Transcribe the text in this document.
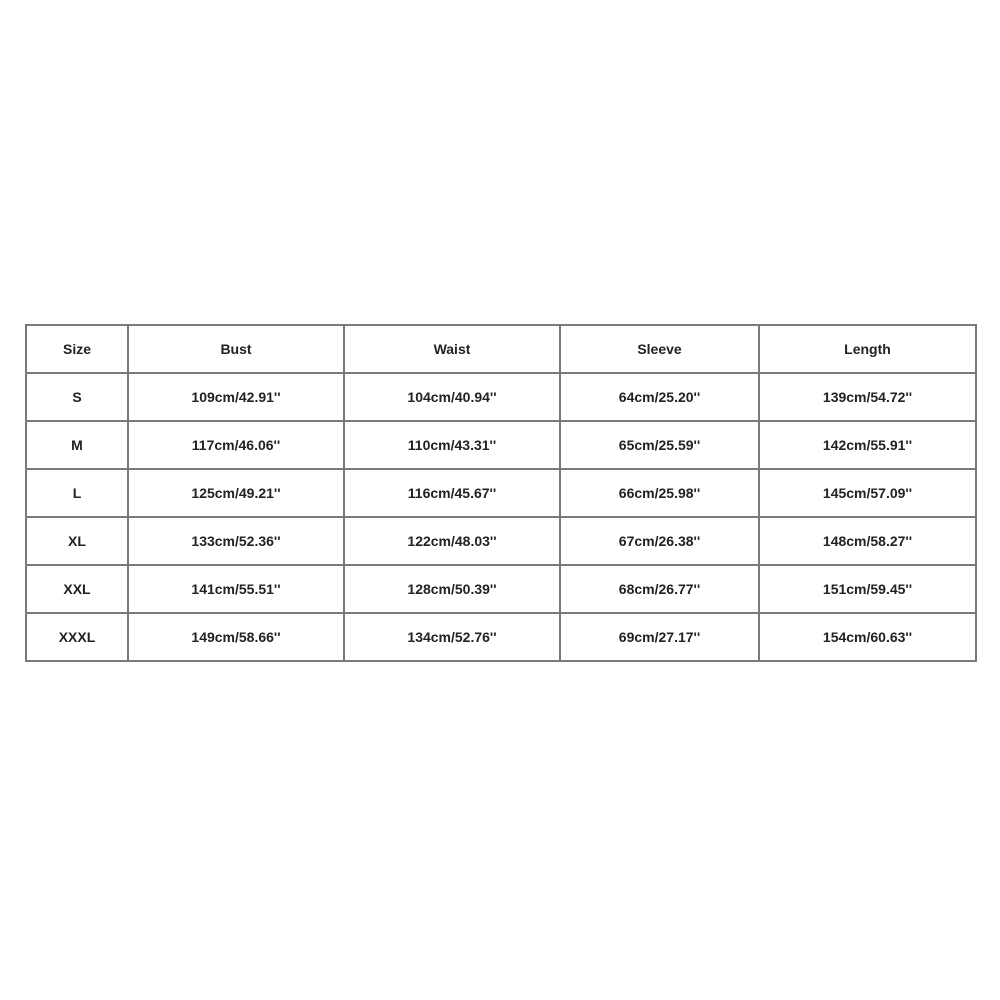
Size	Bust	Waist	Sleeve	Length
S	109cm/42.91''	104cm/40.94''	64cm/25.20''	139cm/54.72''
M	117cm/46.06''	110cm/43.31''	65cm/25.59''	142cm/55.91''
L	125cm/49.21''	116cm/45.67''	66cm/25.98''	145cm/57.09''
XL	133cm/52.36''	122cm/48.03''	67cm/26.38''	148cm/58.27''
XXL	141cm/55.51''	128cm/50.39''	68cm/26.77''	151cm/59.45''
XXXL	149cm/58.66''	134cm/52.76''	69cm/27.17''	154cm/60.63''
